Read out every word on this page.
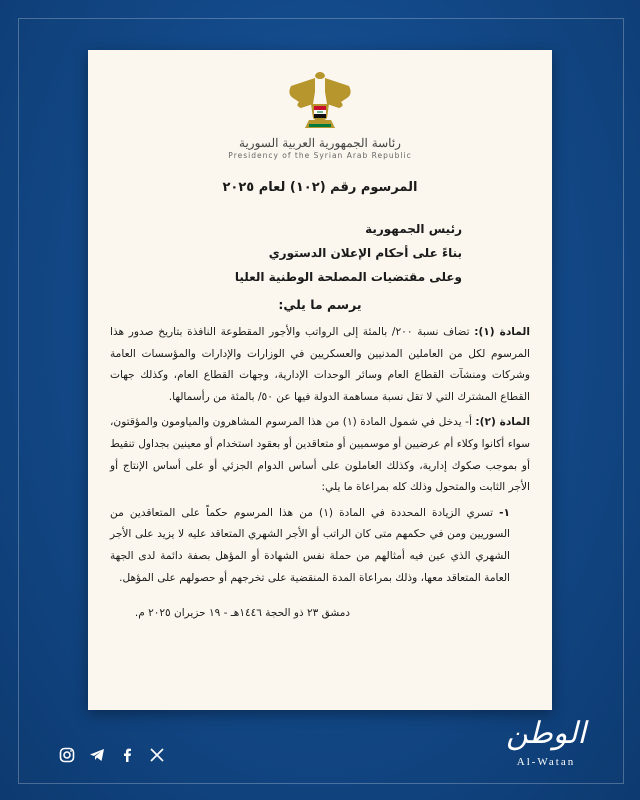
رئاسة الجمهورية العربية السورية
Presidency of the Syrian Arab Republic
المرسوم رقم (١٠٢) لعام ٢٠٢٥
رئيس الجمهورية
بناءً على أحكام الإعلان الدستوري
وعلى مقتضيات المصلحة الوطنية العليا
يرسم ما يلي:

المادة (١): تضاف نسبة ٢٠٠/ بالمئة إلى الرواتب والأجور المقطوعة النافذة بتاريخ صدور هذا المرسوم لكل من العاملين المدنيين والعسكريين في الوزارات والإدارات والمؤسسات العامة وشركات ومنشآت القطاع العام وسائر الوحدات الإدارية، وجهات القطاع العام، وكذلك جهات القطاع المشترك التي لا تقل نسبة مساهمة الدولة فيها عن ٥٠/ بالمئة من رأسمالها.

المادة (٢): أ- يدخل في شمول المادة (١) من هذا المرسوم المشاهرون والمياومون والمؤقتون، سواء أكانوا وكلاء أم عرضيين أو موسميين أو متعاقدين أو بعقود استخدام أو معينين بجداول تنقيط أو بموجب صكوك إدارية، وكذلك العاملون على أساس الدوام الجزئي أو على أساس الإنتاج أو الأجر الثابت والمتحول وذلك كله بمراعاة ما يلي:

١- تسري الزيادة المحددة في المادة (١) من هذا المرسوم حكماً على المتعاقدين من السوريين ومن في حكمهم متى كان الراتب أو الأجر الشهري المتعاقد عليه لا يزيد على الأجر الشهري الذي عين فيه أمثالهم من حملة نفس الشهادة أو المؤهل بصفة دائمة لدى الجهة العامة المتعاقد معها، وذلك بمراعاة المدة المنقضية على تخرجهم أو حصولهم على المؤهل.
دمشق ٢٣ ذو الحجة ١٤٤٦هـ - ١٩ حزيران ٢٠٢٥ م.
الوطن
Al-Watan
